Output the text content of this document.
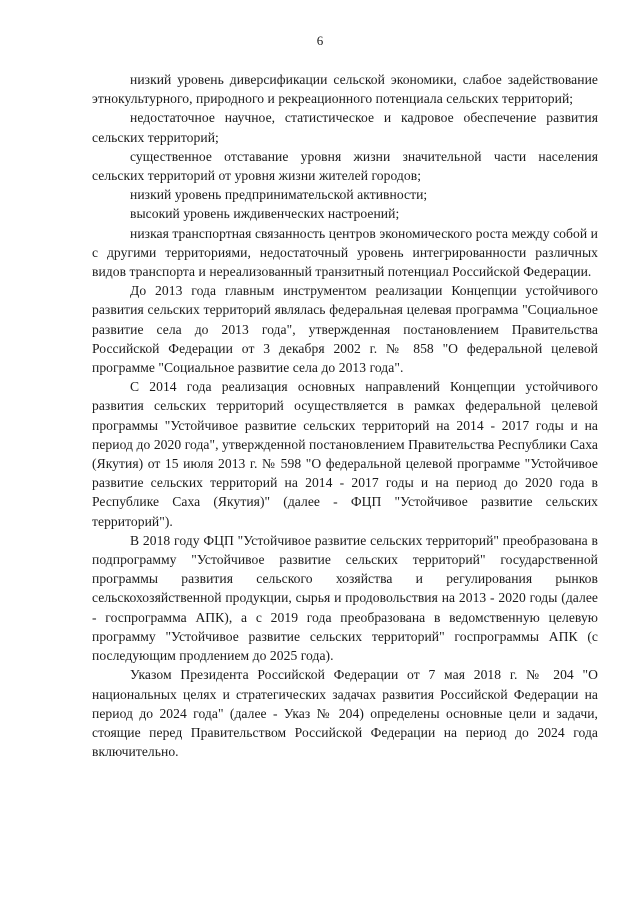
6

низкий уровень диверсификации сельской экономики, слабое задействование этнокультурного, природного и рекреационного потенциала сельских территорий;

недостаточное научное, статистическое и кадровое обеспечение развития сельских территорий;

существенное отставание уровня жизни значительной части населения сельских территорий от уровня жизни жителей городов;

низкий уровень предпринимательской активности;

высокий уровень иждивенческих настроений;

низкая транспортная связанность центров экономического роста между собой и с другими территориями, недостаточный уровень интегрированности различных видов транспорта и нереализованный транзитный потенциал Российской Федерации.

До 2013 года главным инструментом реализации Концепции устойчивого развития сельских территорий являлась федеральная целевая программа "Социальное развитие села до 2013 года", утвержденная постановлением Правительства Российской Федерации от 3 декабря 2002 г. № 858 "О федеральной целевой программе "Социальное развитие села до 2013 года".

С 2014 года реализация основных направлений Концепции устойчивого развития сельских территорий осуществляется в рамках федеральной целевой программы "Устойчивое развитие сельских территорий на 2014 - 2017 годы и на период до 2020 года", утвержденной постановлением Правительства Республики Саха (Якутия) от 15 июля 2013 г. № 598 "О федеральной целевой программе "Устойчивое развитие сельских территорий на 2014 - 2017 годы и на период до 2020 года в Республике Саха (Якутия)" (далее - ФЦП "Устойчивое развитие сельских территорий").

В 2018 году ФЦП "Устойчивое развитие сельских территорий" преобразована в подпрограмму "Устойчивое развитие сельских территорий" государственной программы развития сельского хозяйства и регулирования рынков сельскохозяйственной продукции, сырья и продовольствия на 2013 - 2020 годы (далее - госпрограмма АПК), а с 2019 года преобразована в ведомственную целевую программу "Устойчивое развитие сельских территорий" госпрограммы АПК (с последующим продлением до 2025 года).

Указом Президента Российской Федерации от 7 мая 2018 г. № 204 "О национальных целях и стратегических задачах развития Российской Федерации на период до 2024 года" (далее - Указ № 204) определены основные цели и задачи, стоящие перед Правительством Российской Федерации на период до 2024 года включительно.
